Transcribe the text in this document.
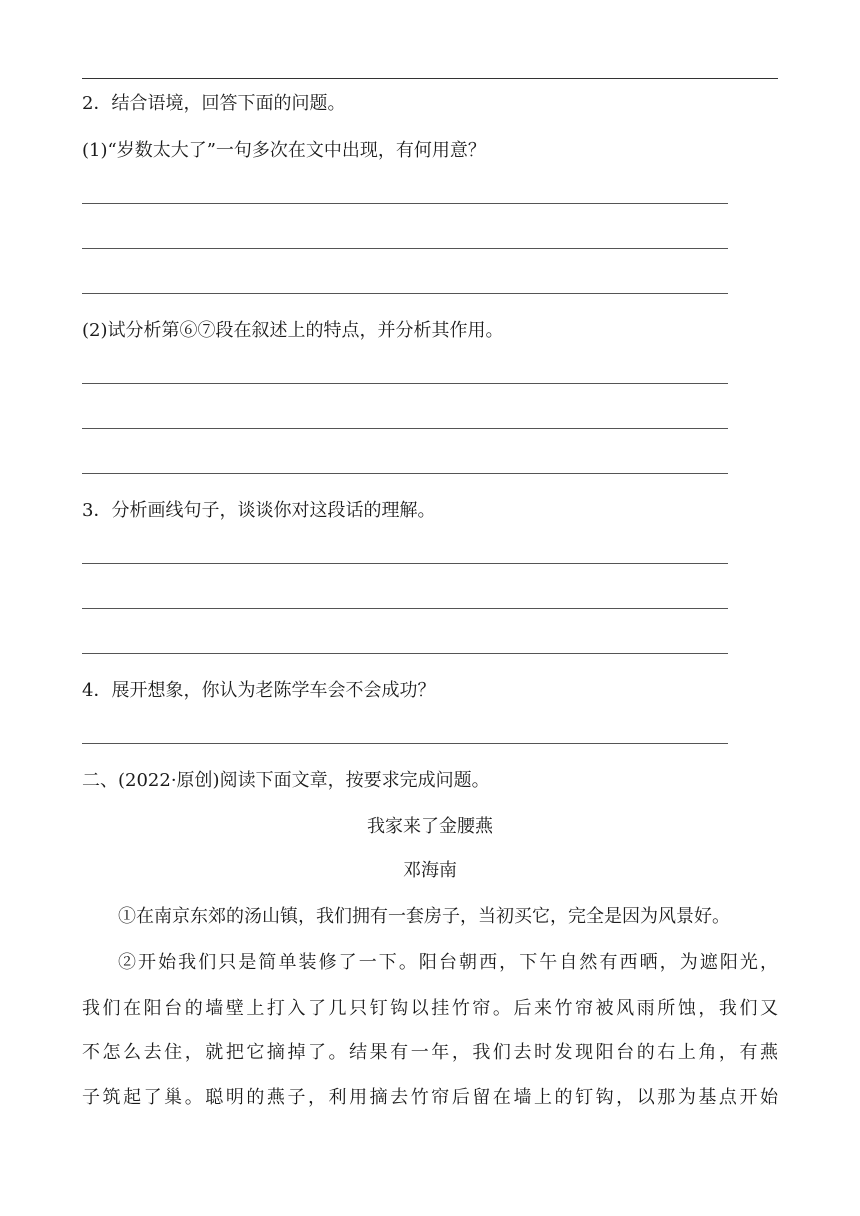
2．结合语境，回答下面的问题。
(1)“岁数太大了”一句多次在文中出现，有何用意？
(2)试分析第⑥⑦段在叙述上的特点，并分析其作用。
3．分析画线句子，谈谈你对这段话的理解。
4．展开想象，你认为老陈学车会不会成功？
二、(2022·原创)阅读下面文章，按要求完成问题。
我家来了金腰燕
邓海南
①在南京东郊的汤山镇，我们拥有一套房子，当初买它，完全是因为风景好。
②开始我们只是简单装修了一下。阳台朝西，下午自然有西晒，为遮阳光，
我们在阳台的墙壁上打入了几只钉钩以挂竹帘。后来竹帘被风雨所蚀，我们又
不怎么去住，就把它摘掉了。结果有一年，我们去时发现阳台的右上角，有燕
子筑起了巢。聪明的燕子，利用摘去竹帘后留在墙上的钉钩，以那为基点开始
